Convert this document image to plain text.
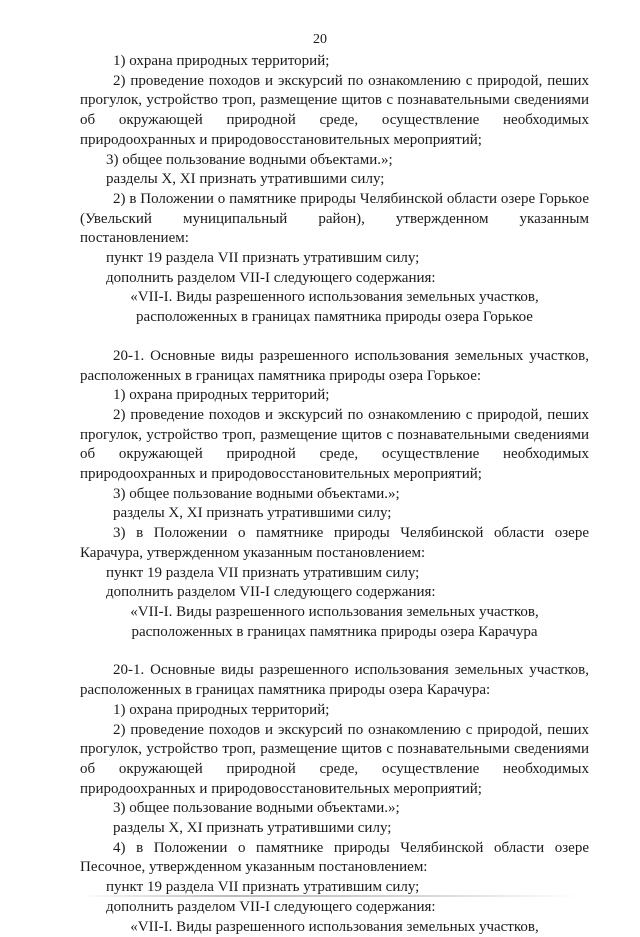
20

1) охрана природных территорий;

2) проведение походов и экскурсий по ознакомлению с природой, пеших прогулок, устройство троп, размещение щитов с познавательными сведениями об окружающей природной среде, осуществление необходимых природоохранных и природовосстановительных мероприятий;

3) общее пользование водными объектами.»;

разделы X, XI признать утратившими силу;

2) в Положении о памятнике природы Челябинской области озере Горькое (Увельский муниципальный район), утвержденном указанным постановлением:

пункт 19 раздела VII признать утратившим силу;

дополнить разделом VII-I следующего содержания:

«VII-I. Виды разрешенного использования земельных участков,

расположенных в границах памятника природы озера Горькое

20-1. Основные виды разрешенного использования земельных участков, расположенных в границах памятника природы озера Горькое:

1) охрана природных территорий;

2) проведение походов и экскурсий по ознакомлению с природой, пеших прогулок, устройство троп, размещение щитов с познавательными сведениями об окружающей природной среде, осуществление необходимых природоохранных и природовосстановительных мероприятий;

3) общее пользование водными объектами.»;

разделы X, XI признать утратившими силу;

3) в Положении о памятнике природы Челябинской области озере Карачура, утвержденном указанным постановлением:

пункт 19 раздела VII признать утратившим силу;

дополнить разделом VII-I следующего содержания:

«VII-I. Виды разрешенного использования земельных участков,

расположенных в границах памятника природы озера Карачура

20-1. Основные виды разрешенного использования земельных участков, расположенных в границах памятника природы озера Карачура:

1) охрана природных территорий;

2) проведение походов и экскурсий по ознакомлению с природой, пеших прогулок, устройство троп, размещение щитов с познавательными сведениями об окружающей природной среде, осуществление необходимых природоохранных и природовосстановительных мероприятий;

3) общее пользование водными объектами.»;

разделы X, XI признать утратившими силу;

4) в Положении о памятнике природы Челябинской области озере Песочное, утвержденном указанным постановлением:

пункт 19 раздела VII признать утратившим силу;

дополнить разделом VII-I следующего содержания:

«VII-I. Виды разрешенного использования земельных участков,
